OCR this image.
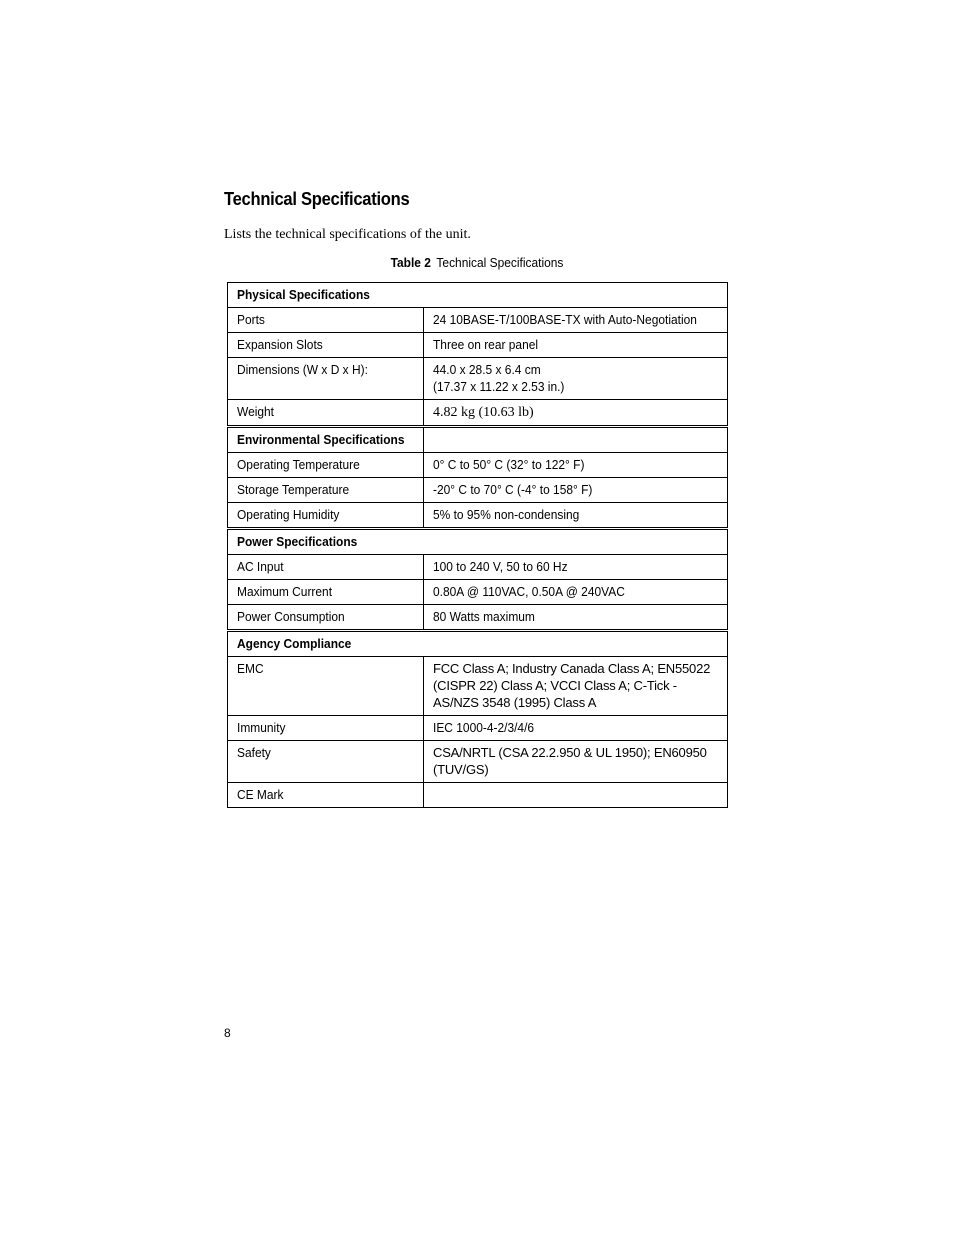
Technical Specifications

Lists the technical specifications of the unit.

Table 2 Technical Specifications
Physical Specifications	
Ports	24 10BASE-T/100BASE-TX with Auto-Negotiation
Expansion Slots	Three on rear panel
Dimensions (W x D x H):	44.0 x 28.5 x 6.4 cm
(17.37 x 11.22 x 2.53 in.)
Weight	4.82 kg (10.63 lb)
Environmental Specifications	
Operating Temperature	0° C to 50° C (32° to 122° F)
Storage Temperature	-20° C to 70° C (-4° to 158° F)
Operating Humidity	5% to 95% non-condensing
Power Specifications	
AC Input	100 to 240 V, 50 to 60 Hz
Maximum Current	0.80A @ 110VAC, 0.50A @ 240VAC
Power Consumption	80 Watts maximum
Agency Compliance	
EMC	FCC Class A; Industry Canada Class A; EN55022 (CISPR 22) Class A; VCCI Class A; C-Tick - AS/NZS 3548 (1995) Class A

Immunity	IEC 1000-4-2/3/4/6
Safety	CSA/NRTL (CSA 22.2.950 & UL 1950); EN60950 (TUV/GS)

CE Mark	
8
